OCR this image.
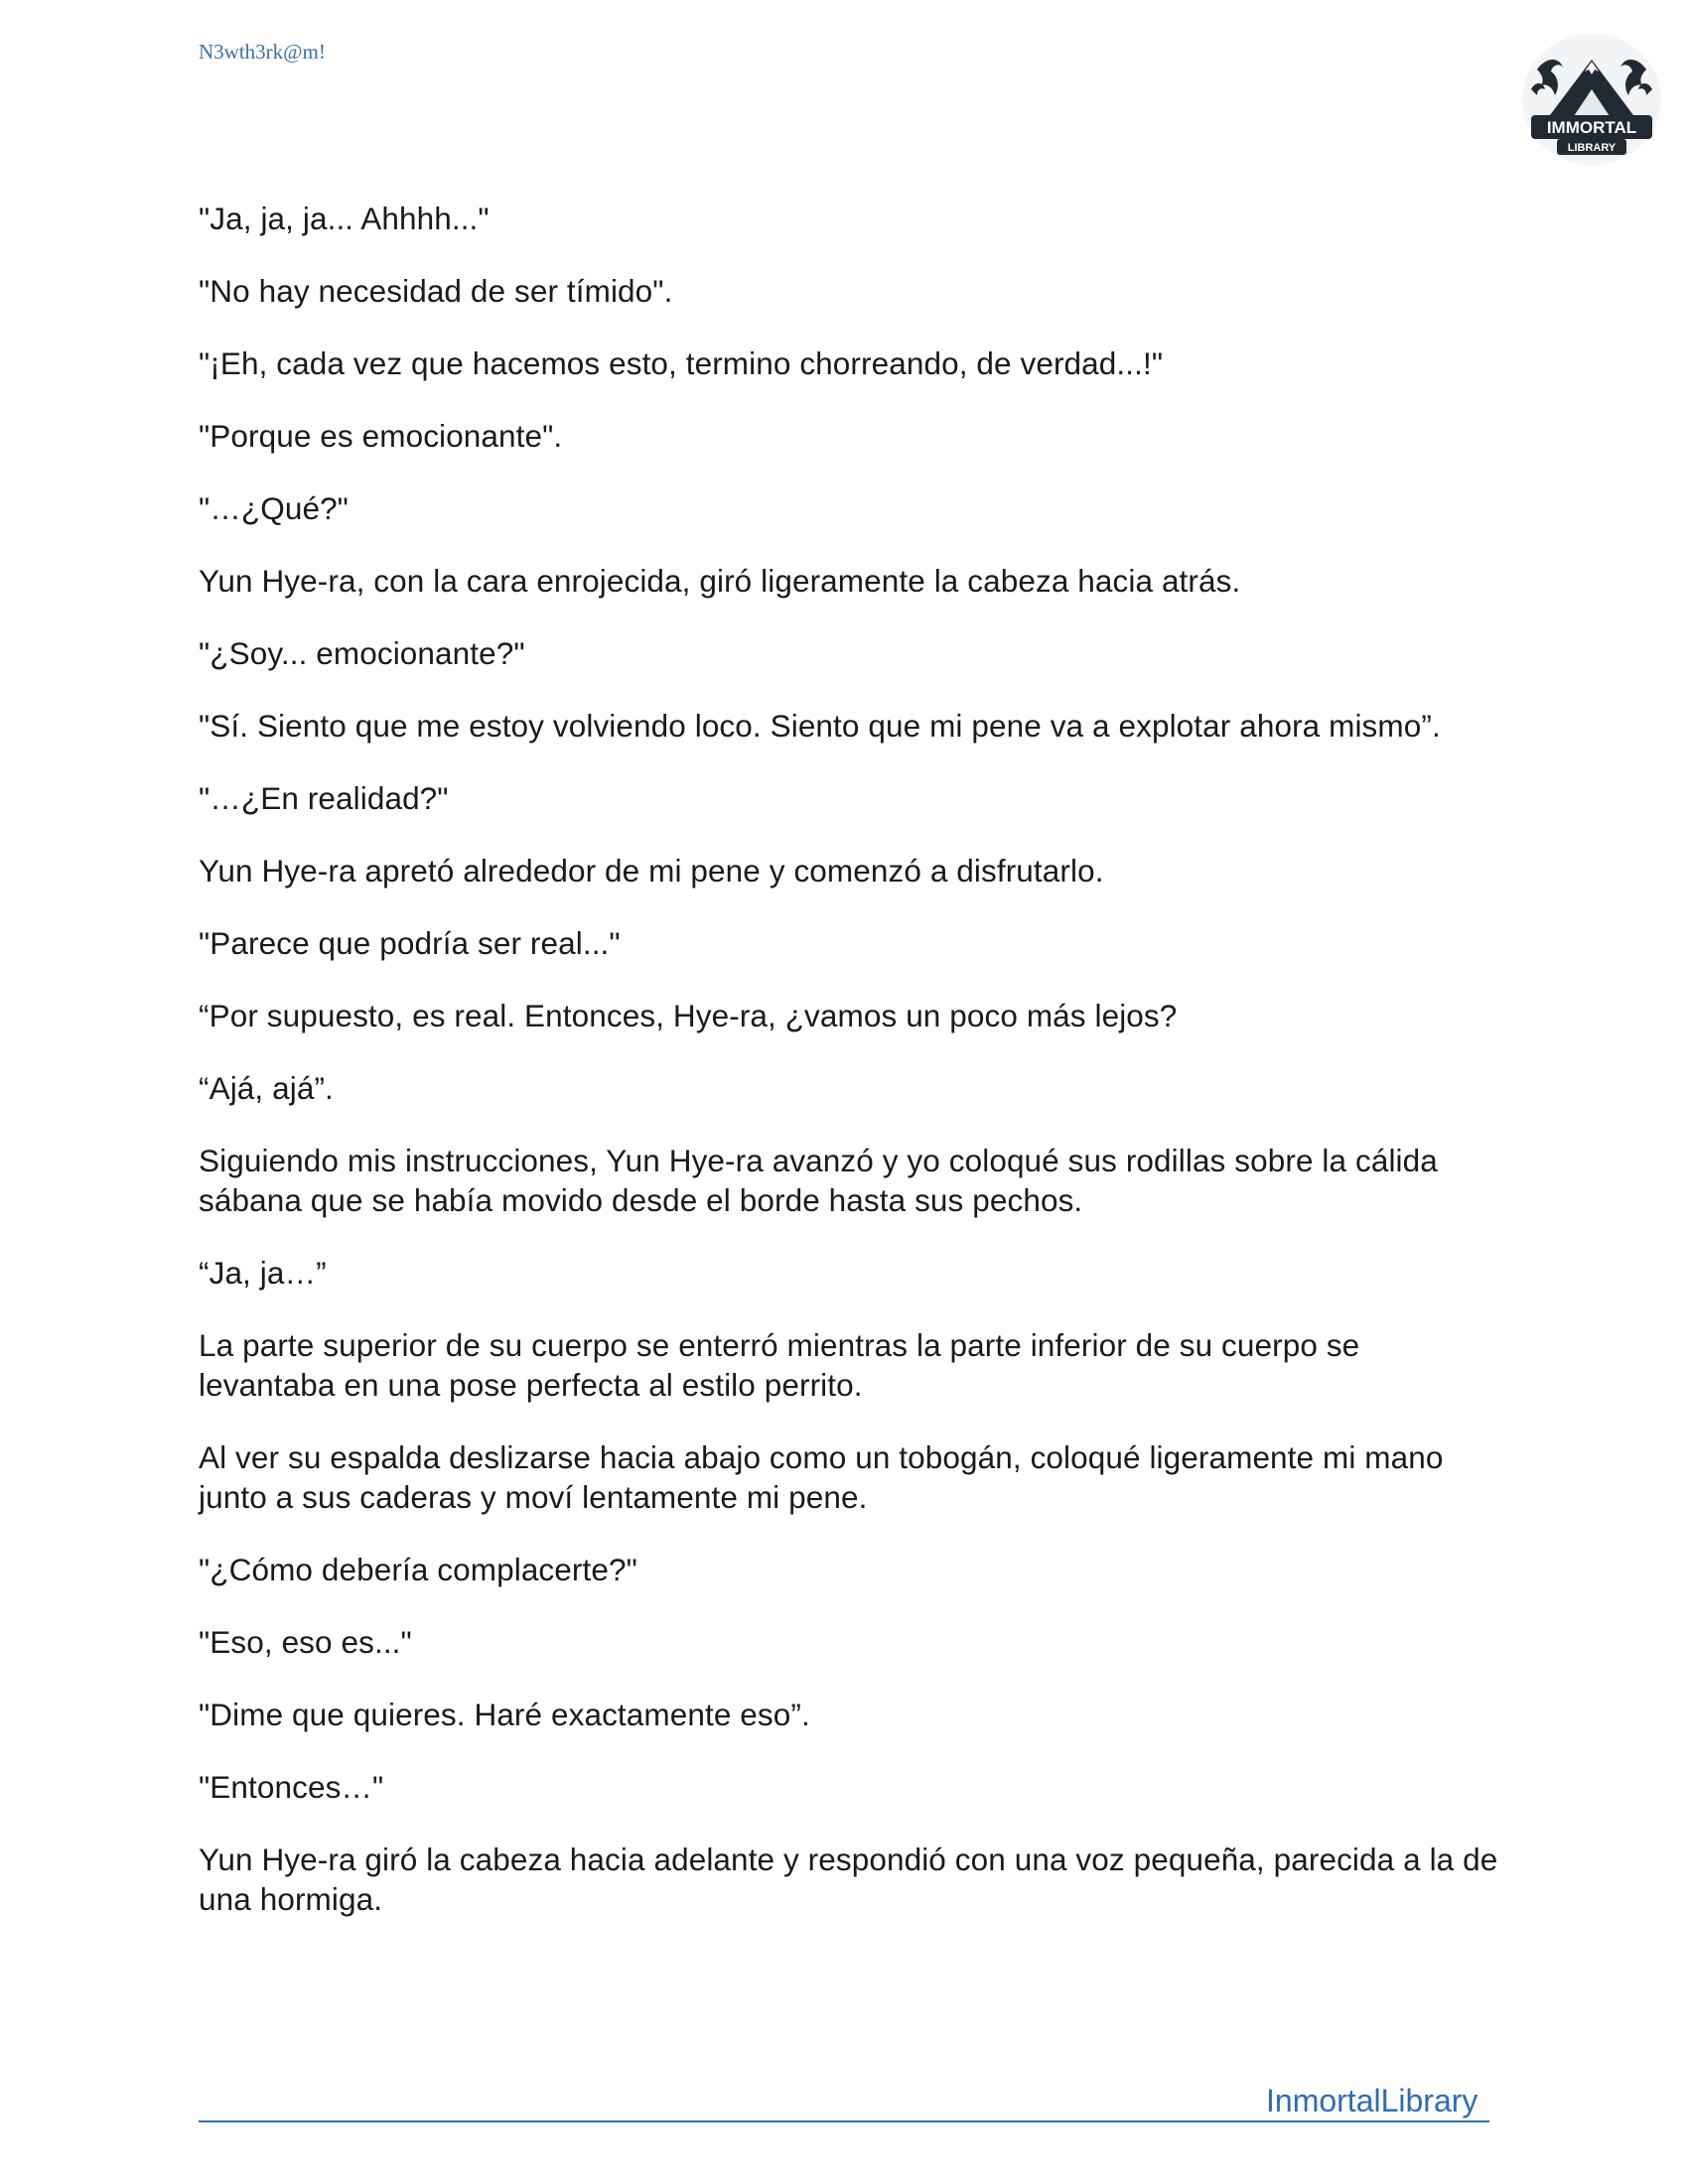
N3wth3rk@m!
IMMORTAL
LIBRARY

"Ja, ja, ja... Ahhhh..."

"No hay necesidad de ser tímido".

"¡Eh, cada vez que hacemos esto, termino chorreando, de verdad...!"

"Porque es emocionante".

"…¿Qué?"

Yun Hye-ra, con la cara enrojecida, giró ligeramente la cabeza hacia atrás.

"¿Soy... emocionante?"

"Sí. Siento que me estoy volviendo loco. Siento que mi pene va a explotar ahora mismo”.

"…¿En realidad?"

Yun Hye-ra apretó alrededor de mi pene y comenzó a disfrutarlo.

"Parece que podría ser real..."

“Por supuesto, es real. Entonces, Hye-ra, ¿vamos un poco más lejos?

“Ajá, ajá”.

Siguiendo mis instrucciones, Yun Hye-ra avanzó y yo coloqué sus rodillas sobre la cálida sábana que se había movido desde el borde hasta sus pechos.

“Ja, ja…”

La parte superior de su cuerpo se enterró mientras la parte inferior de su cuerpo se levantaba en una pose perfecta al estilo perrito.

Al ver su espalda deslizarse hacia abajo como un tobogán, coloqué ligeramente mi mano junto a sus caderas y moví lentamente mi pene.

"¿Cómo debería complacerte?"

"Eso, eso es..."

"Dime que quieres. Haré exactamente eso”.

"Entonces…"

Yun Hye-ra giró la cabeza hacia adelante y respondió con una voz pequeña, parecida a la de una hormiga.

InmortalLibrary
